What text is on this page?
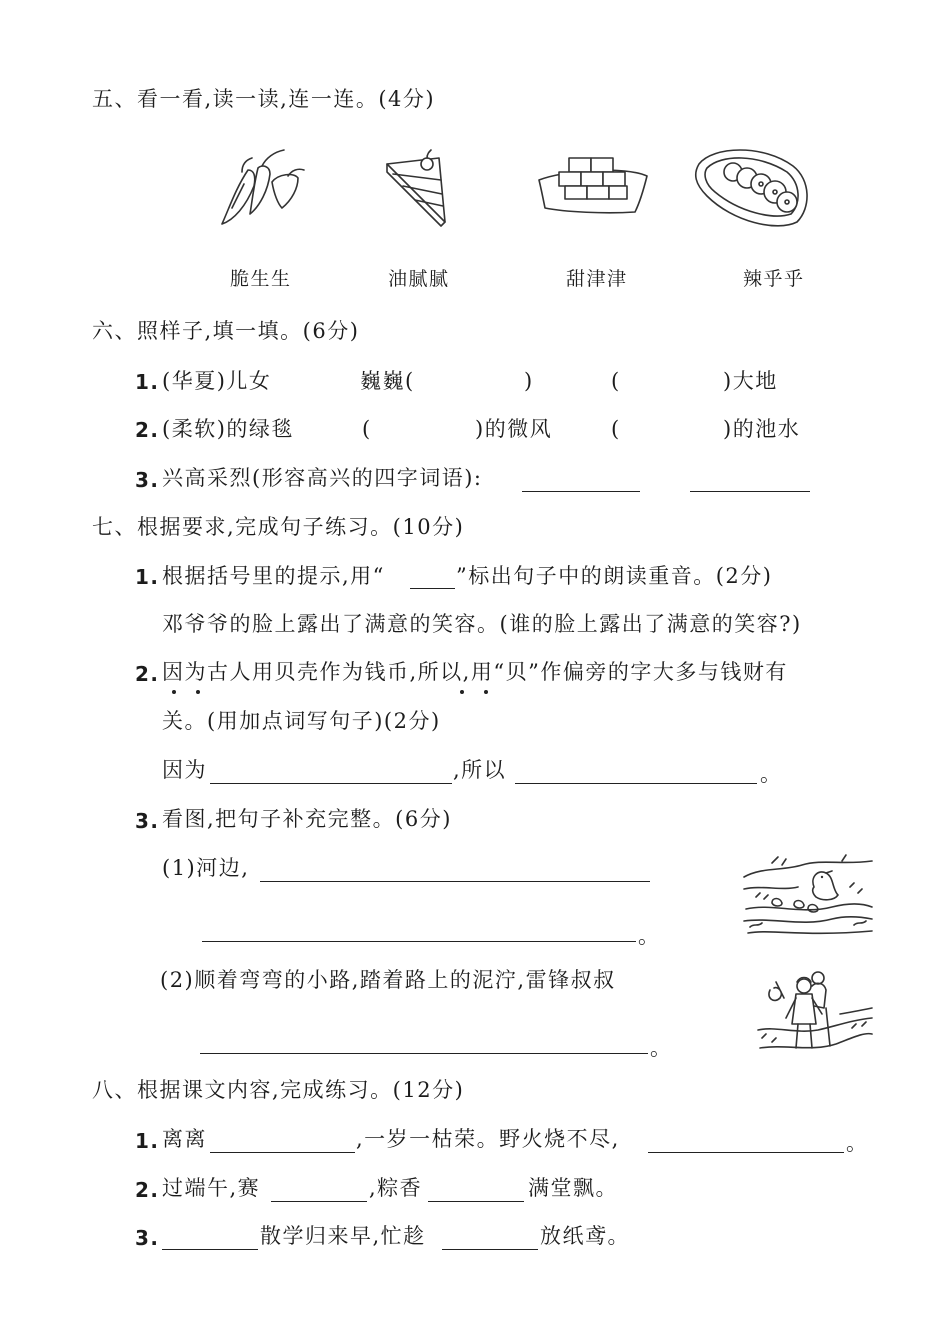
五、看一看,读一读,连一连。(4分)
脆生生	油腻腻	甜津津	辣乎乎
六、照样子,填一填。(6分)
1. (华夏)儿女	巍巍(	)	(	)大地
2. (柔软)的绿毯	(	)的微风	(	)的池水
3. 兴高采烈(形容高兴的四字词语):
七、根据要求,完成句子练习。(10分)
1. 根据括号里的提示,用“	”标出句子中的朗读重音。(2分)
邓爷爷的脸上露出了满意的笑容。(谁的脸上露出了满意的笑容?)
2. 因为古人用贝壳作为钱币,所以,用“贝”作偏旁的字大多与钱财有
关。(用加点词写句子)(2分)
因为	,所以	。
3. 看图,把句子补充完整。(6分)
(1)河边,
。
(2)顺着弯弯的小路,踏着路上的泥泞,雷锋叔叔
。
八、根据课文内容,完成练习。(12分)
1. 离离	,一岁一枯荣。野火烧不尽,	。
2. 过端午,赛	,粽香	满堂飘。
3.	散学归来早,忙趁	放纸鸢。
